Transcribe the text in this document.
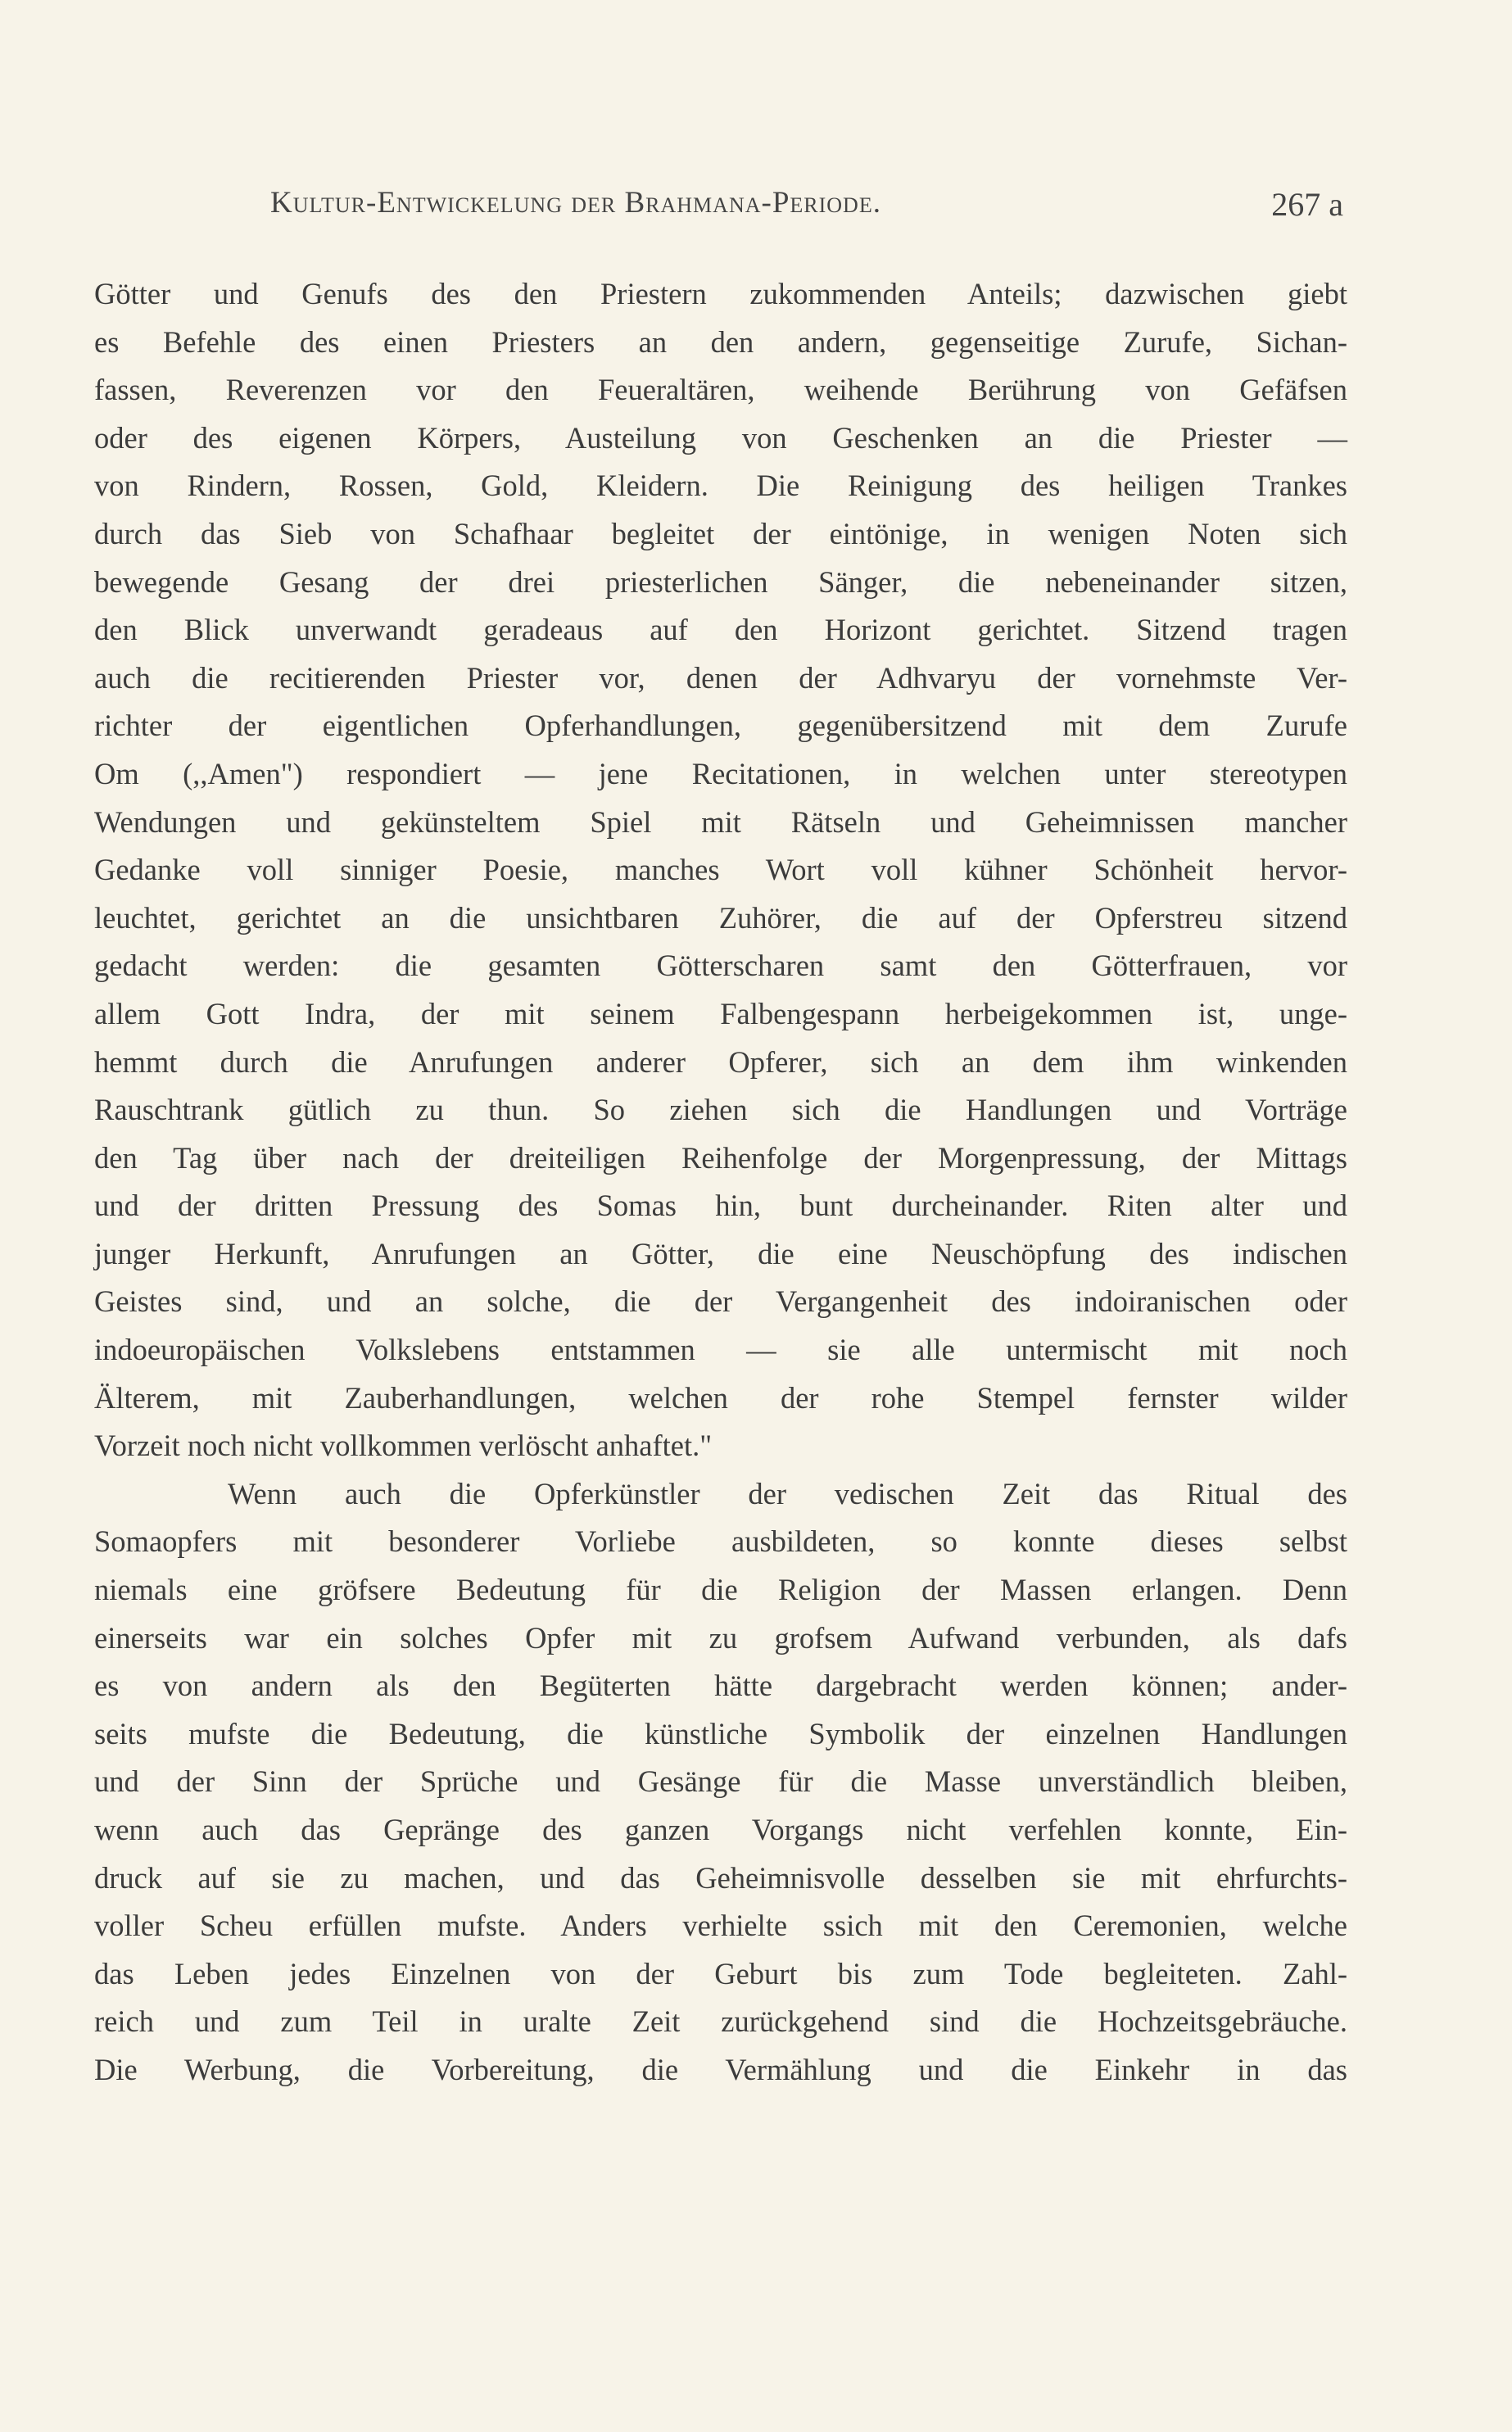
Kultur-Entwickelung der Brahmana-Periode.	267 a
Götter und Genufs des den Priestern zukommenden Anteils; dazwischen giebt
es Befehle des einen Priesters an den andern, gegenseitige Zurufe, Sichan-
fassen, Reverenzen vor den Feueraltären, weihende Berührung von Gefäfsen
oder des eigenen Körpers, Austeilung von Geschenken an die Priester —
von Rindern, Rossen, Gold, Kleidern. Die Reinigung des heiligen Trankes
durch das Sieb von Schafhaar begleitet der eintönige, in wenigen Noten sich
bewegende Gesang der drei priesterlichen Sänger, die nebeneinander sitzen,
den Blick unverwandt geradeaus auf den Horizont gerichtet. Sitzend tragen
auch die recitierenden Priester vor, denen der Adhvaryu der vornehmste Ver-
richter der eigentlichen Opferhandlungen, gegenübersitzend mit dem Zurufe
Om (,,Amen") respondiert — jene Recitationen, in welchen unter stereotypen
Wendungen und gekünsteltem Spiel mit Rätseln und Geheimnissen mancher
Gedanke voll sinniger Poesie, manches Wort voll kühner Schönheit hervor-
leuchtet, gerichtet an die unsichtbaren Zuhörer, die auf der Opferstreu sitzend
gedacht werden: die gesamten Götterscharen samt den Götterfrauen, vor
allem Gott Indra, der mit seinem Falbengespann herbeigekommen ist, unge-
hemmt durch die Anrufungen anderer Opferer, sich an dem ihm winkenden
Rauschtrank gütlich zu thun. So ziehen sich die Handlungen und Vorträge
den Tag über nach der dreiteiligen Reihenfolge der Morgenpressung, der Mittags
und der dritten Pressung des Somas hin, bunt durcheinander. Riten alter und
junger Herkunft, Anrufungen an Götter, die eine Neuschöpfung des indischen
Geistes sind, und an solche, die der Vergangenheit des indoiranischen oder
indoeuropäischen Volkslebens entstammen — sie alle untermischt mit noch
Älterem, mit Zauberhandlungen, welchen der rohe Stempel fernster wilder
Vorzeit noch nicht vollkommen verlöscht anhaftet."
Wenn auch die Opferkünstler der vedischen Zeit das Ritual des
Somaopfers mit besonderer Vorliebe ausbildeten, so konnte dieses selbst
niemals eine gröfsere Bedeutung für die Religion der Massen erlangen. Denn
einerseits war ein solches Opfer mit zu grofsem Aufwand verbunden, als dafs
es von andern als den Begüterten hätte dargebracht werden können; ander-
seits mufste die Bedeutung, die künstliche Symbolik der einzelnen Handlungen
und der Sinn der Sprüche und Gesänge für die Masse unverständlich bleiben,
wenn auch das Gepränge des ganzen Vorgangs nicht verfehlen konnte, Ein-
druck auf sie zu machen, und das Geheimnisvolle desselben sie mit ehrfurchts-
voller Scheu erfüllen mufste. Anders verhielte ssich mit den Ceremonien, welche
das Leben jedes Einzelnen von der Geburt bis zum Tode begleiteten. Zahl-
reich und zum Teil in uralte Zeit zurückgehend sind die Hochzeitsgebräuche.
Die Werbung, die Vorbereitung, die Vermählung und die Einkehr in das
